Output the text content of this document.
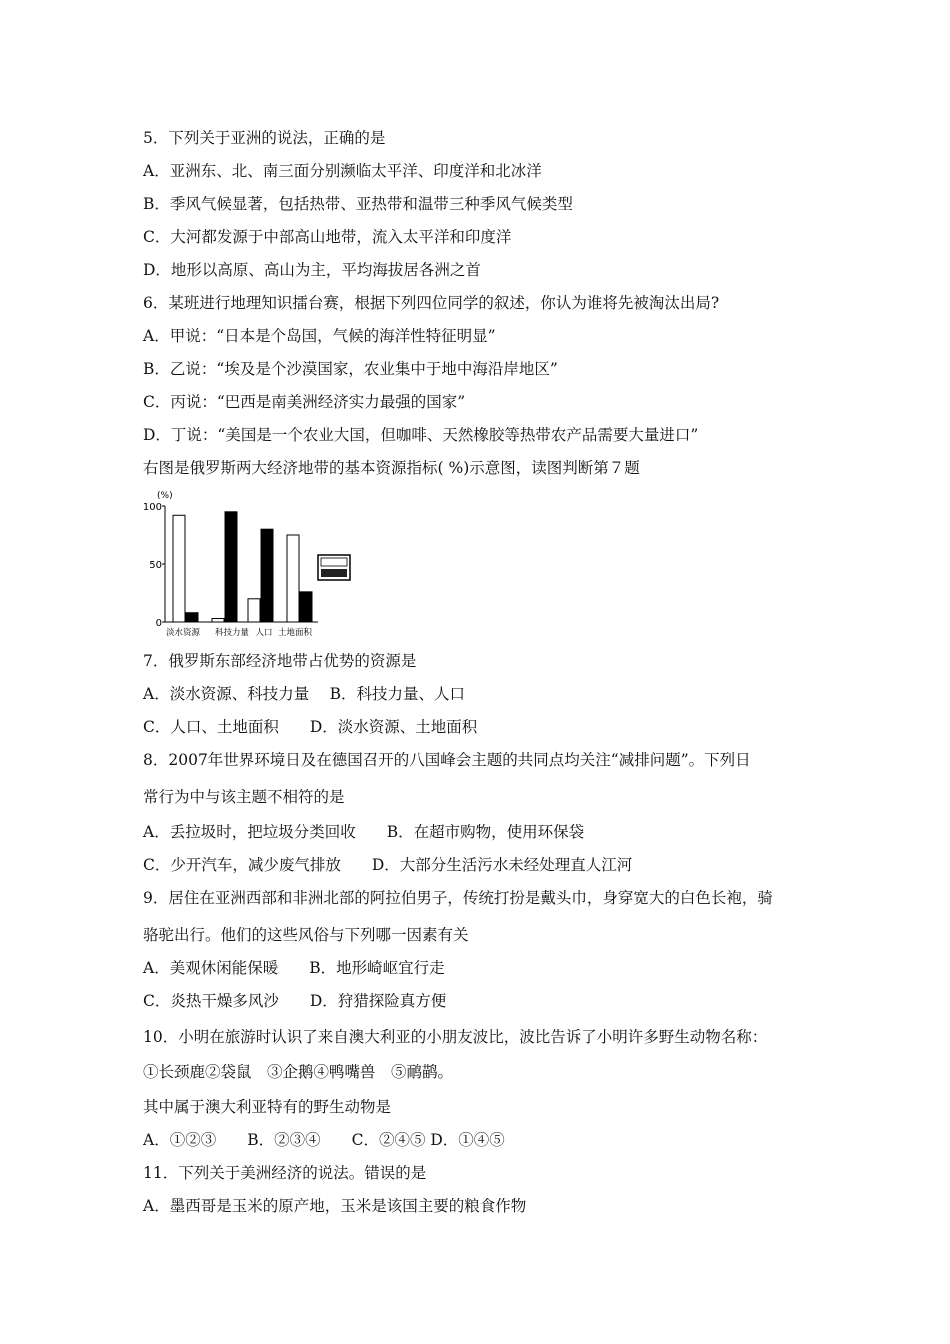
5．下列关于亚洲的说法，正确的是
A．亚洲东、北、南三面分别濒临太平洋、印度洋和北冰洋
B．季风气候显著，包括热带、亚热带和温带三种季风气候类型
C．大河都发源于中部高山地带，流入太平洋和印度洋
D．地形以高原、高山为主，平均海拔居各洲之首
6．某班进行地理知识擂台赛，根据下列四位同学的叙述，你认为谁将先被淘汰出局?
A．甲说：“日本是个岛国，气候的海洋性特征明显”
B．乙说：“埃及是个沙漠国家，农业集中于地中海沿岸地区”
C．丙说：“巴西是南美洲经济实力最强的国家”
D．丁说：“美国是一个农业大国，但咖啡、天然橡胶等热带农产品需要大量进口”
右图是俄罗斯两大经济地带的基本资源指标( %)示意图，读图判断第７题
(%)
100
50
0
淡水资源 科技力量 人口 土地面积
7．俄罗斯东部经济地带占优势的资源是
A．淡水资源、科技力量　 B．科技力量、人口
C．人口、土地面积　　D．淡水资源、土地面积
8．2007年世界环境日及在德国召开的八国峰会主题的共同点均关注“减排问题”。下列日
常行为中与该主题不相符的是
A．丢拉圾时，把垃圾分类回收　　B．在超市购物，使用环保袋
C．少开汽车，减少废气排放　　D．大部分生活污水未经处理直人江河
9．居住在亚洲西部和非洲北部的阿拉伯男子，传统打扮是戴头巾，身穿宽大的白色长袍，骑
骆驼出行。他们的这些风俗与下列哪一因素有关
A．美观休闲能保暖　　B．地形崎岖宜行走
C．炎热干燥多风沙　　D．狩猎探险真方便
10．小明在旅游时认识了来自澳大利亚的小朋友波比，波比告诉了小明许多野生动物名称：
①长颈鹿②袋鼠　③企鹅④鸭嘴兽　⑤鸸鹋。
其中属于澳大利亚特有的野生动物是
A．①②③　　B．②③④　　C．②④⑤ D．①④⑤
11．下列关于美洲经济的说法。错误的是
A．墨西哥是玉米的原产地，玉米是该国主要的粮食作物
